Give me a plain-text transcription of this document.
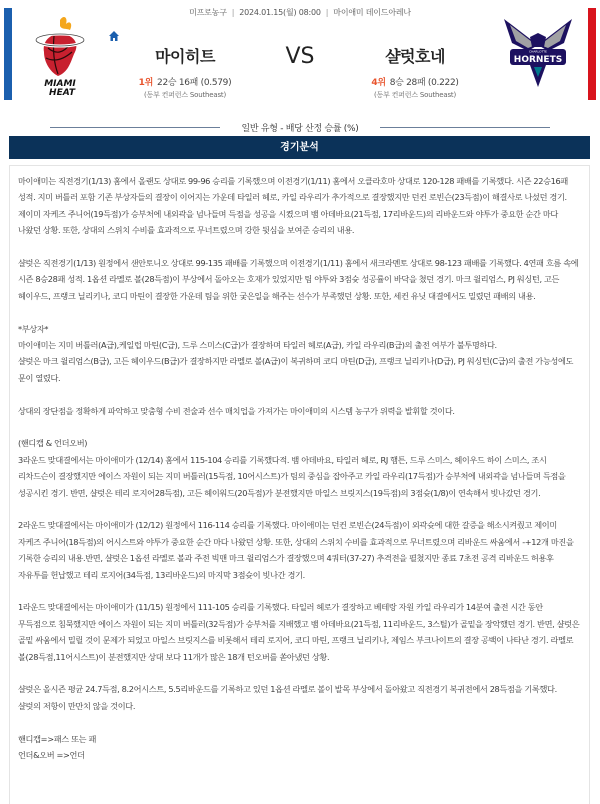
미프로농구 | 2024.01.15(월) 08:00 | 마이애미 데이드아레나
MIAMI
HEAT
마이히트
1위 22승 16패 (0.579)
(동부 컨퍼런스 Southeast)
VS	샬럿호네
4위 8승 28패 (0.222)
(동부 컨퍼런스 Southeast)
CHARLOTTE
HORNETS
일반 유형 - 배당 산정 승률 (%)
경기분석

마이애미는 직전경기(1/13) 홈에서 올랜도 상대로 99-96 승리를 기록했으며 이전경기(1/11) 홈에서 오클라호마 상대로 120-128 패배를 기록했다. 시즌 22승16패 성적. 지미 버틀러 포함 기존 부상자들의 결장이 이어지는 가운데 타일러 헤로, 카일 라우리가 추가적으로 결장했지만 던컨 로빈슨(23득점)이 해결사로 나섰던 경기. 제이미 자케즈 주니어(19득점)가 승부처에 내외곽을 넘나들며 득점을 성공을 시켰으며 뱀 아데바요(21득점, 17리바운드)의 리바운드와 야투가 중요한 순간 마다 나왔던 상황. 또한, 상대의 스위치 수비를 효과적으로 무너트렸으며 강한 뒷심을 보여준 승리의 내용.

샬럿은 직전경기(1/13) 원정에서 샌안토니오 상대로 99-135 패배를 기록했으며 이전경기(1/11) 홈에서 새크라멘토 상대로 98-123 패배를 기록했다. 4연패 흐름 속에 시즌 8승28패 성적. 1옵션 라멜로 볼(28득점)이 부상에서 돌아오는 호재가 있었지만 팀 야투와 3점슛 성공률이 바닥을 쳤던 경기. 마크 윌리엄스, PJ 워싱턴, 고든 헤이우드, 프랭크 닐리키나, 코디 마틴이 결장한 가운데 팀을 위한 궂은일을 해주는 선수가 부족했던 상황. 또한, 세컨 유닛 대결에서도 밀렸던 패배의 내용.

*부상자*

마이애미는 지미 버틀러(A급),케일럽 마틴(C급), 드루 스미스(C급)가 결장하며 타일러 헤로(A급), 카일 라우리(B급)의 출전 여부가 불투명하다.

샬럿은 마크 윌리엄스(B급), 고든 헤이우드(B급)가 결장하지만 라멜로 볼(A급)이 복귀하며 코디 마틴(D급), 프랭크 닐리키나(D급), PJ 워싱턴(C급)의 출전 가능성에도 문이 열렸다.

상대의 장단점을 정확하게 파악하고 맞춤형 수비 전술과 선수 매치업을 가져가는 마이애미의 시스템 농구가 위력을 발휘할 것이다.

(핸디캡 & 언더오버)

3라운드 맞대결에서는 마이애미가 (12/14) 홈에서 115-104 승리를 기록했다적. 뱀 아데바요, 타일러 헤로, RJ 햄튼, 드루 스미스, 헤이우드 하이 스미스, 조시 리차드슨이 결장했지만 에이스 자원이 되는 지미 버틀러(15득점, 10어시스트)가 팀의 중심을 잡아주고 카일 라우리(17득점)가 승부처에 내외곽을 넘나들며 득점을 성공시킨 경기. 반면, 샬럿은 테리 로지어28득점), 고든 헤이워드(20득점)가 분전했지만 마일스 브릿지스(19득점)의 3점슛(1/8)이 연속해서 빗나갔던 경기.

2라운드 맞대결에서는 마이애미가 (12/12) 원정에서 116-114 승리를 기록했다. 마이애미는 던컨 로빈슨(24득점)이 외곽슛에 대한 갈증을 해소시켜줬고 제이미 자케즈 주니어(18득점)의 어시스트와 야투가 중요한 순간 마다 나왔던 상황. 또한, 상대의 스위치 수비를 효과적으로 무너트렸으며 리바운드 싸움에서 -+12개 마진을 기록한 승리의 내용.반면, 샬럿은 1옵션 라멜로 볼과 주전 빅맨 마크 윌리엄스가 결장했으며 4쿼터(37-27) 추격전을 펼쳤지만 종료 7초전 공격 리바운드 허용후 자유투를 헌납했고 테리 로지어(34득점, 13리바운드)의 마지막 3점슛이 빗나간 경기.

1라운드 맞대결에서는 마이애미가 (11/15) 원정에서 111-105 승리를 기록했다. 타일러 헤로가 결장하고 베테랑 자원 카일 라우리가 14분여 출전 시간 동안 무득점으로 침묵했지만 에이스 자원이 되는 지미 버틀러(32득점)가 승부처를 지배했고 뱀 아데바요(21득점, 11리바운드, 3스틸)가 골밑을 장악했던 경기. 반면, 샬럿은 골밑 싸움에서 밀릴 것이 문제가 되었고 마일스 브릿지스를 비롯해서 테리 로지어, 코디 마틴, 프랭크 닐리키나, 제임스 부크나이트의 결장 공백이 나타난 경기. 라멜로 볼(28득점,11어시스트)이 분전했지만 상대 보다 11개가 많은 18개 턴오버를 쏟아냈던 상황.

샬럿은 올시즌 평균 24.7득점, 8.2어시스트, 5.5리바운드를 기록하고 있던 1옵션 라멜로 볼이 발목 부상에서 돌아왔고 직전경기 복귀전에서 28득점을 기록했다. 샬럿의 저항이 만만치 않을 것이다.

핸디캡=>패스 또는 패

언더&오버 =>언더
